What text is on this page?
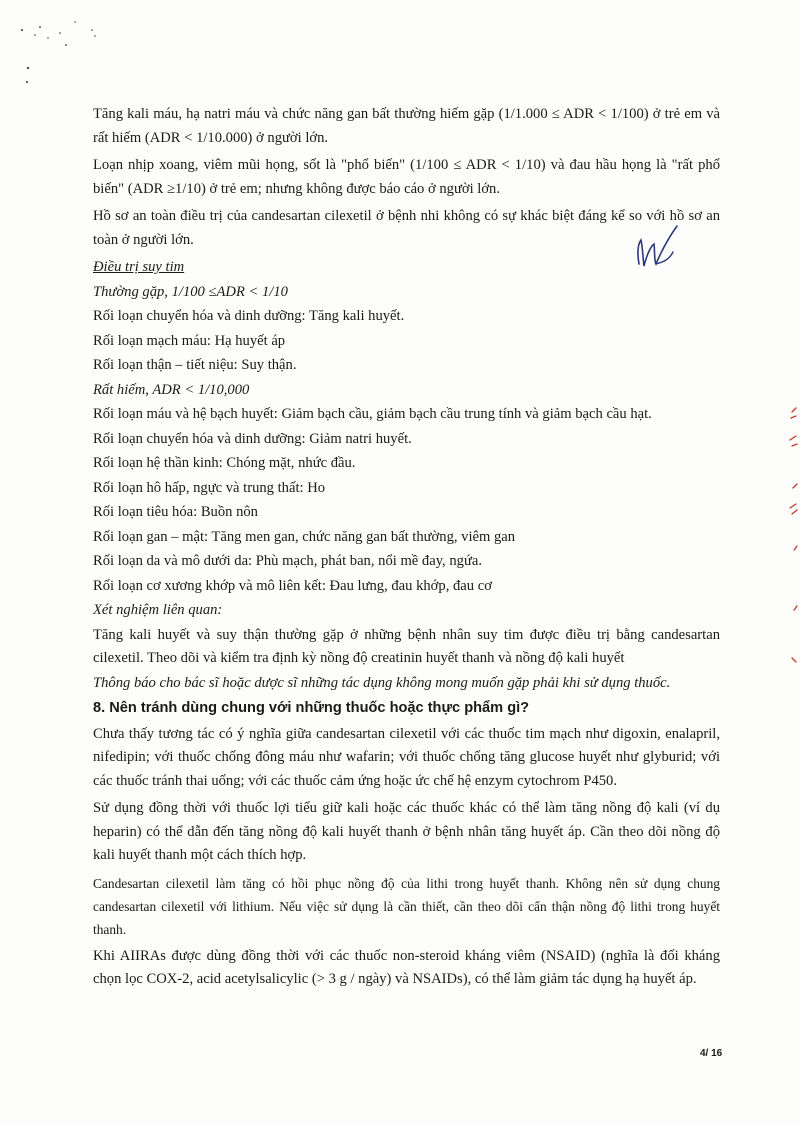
Tăng kali máu, hạ natri máu và chức năng gan bất thường hiếm gặp (1/1.000 ≤ ADR < 1/100) ở trẻ em và rất hiếm (ADR < 1/10.000) ở người lớn.

Loạn nhịp xoang, viêm mũi họng, sốt là "phổ biến" (1/100 ≤ ADR < 1/10) và đau hầu họng là "rất phổ biến" (ADR ≥1/10) ở trẻ em; nhưng không được báo cáo ở người lớn.

Hồ sơ an toàn điều trị của candesartan cilexetil ở bệnh nhi không có sự khác biệt đáng kể so với hồ sơ an toàn ở người lớn.

Điều trị suy tim
Thường gặp, 1/100 ≤ADR < 1/10
Rối loạn chuyển hóa và dinh dưỡng: Tăng kali huyết.
Rối loạn mạch máu: Hạ huyết áp
Rối loạn thận – tiết niệu: Suy thận.
Rất hiếm, ADR < 1/10,000
Rối loạn máu và hệ bạch huyết: Giảm bạch cầu, giảm bạch cầu trung tính và giảm bạch cầu hạt.
Rối loạn chuyển hóa và dinh dưỡng: Giảm natri huyết.
Rối loạn hệ thần kinh: Chóng mặt, nhức đầu.
Rối loạn hô hấp, ngực và trung thất: Ho
Rối loạn tiêu hóa: Buồn nôn
Rối loạn gan – mật: Tăng men gan, chức năng gan bất thường, viêm gan
Rối loạn da và mô dưới da: Phù mạch, phát ban, nổi mề đay, ngứa.
Rối loạn cơ xương khớp và mô liên kết: Đau lưng, đau khớp, đau cơ
Xét nghiệm liên quan:

Tăng kali huyết và suy thận thường gặp ở những bệnh nhân suy tim được điều trị bằng candesartan cilexetil. Theo dõi và kiểm tra định kỳ nồng độ creatinin huyết thanh và nồng độ kali huyết

Thông báo cho bác sĩ hoặc dược sĩ những tác dụng không mong muốn gặp phải khi sử dụng thuốc.

8. Nên tránh dùng chung với những thuốc hoặc thực phẩm gì?

Chưa thấy tương tác có ý nghĩa giữa candesartan cilexetil với các thuốc tim mạch như digoxin, enalapril, nifedipin; với thuốc chống đông máu như wafarin; với thuốc chống tăng glucose huyết như glyburid; với các thuốc tránh thai uống; với các thuốc cảm ứng hoặc ức chế hệ enzym cytochrom P450.

Sử dụng đồng thời với thuốc lợi tiểu giữ kali hoặc các thuốc khác có thể làm tăng nồng độ kali (ví dụ heparin) có thể dẫn đến tăng nồng độ kali huyết thanh ở bệnh nhân tăng huyết áp. Cần theo dõi nồng độ kali huyết thanh một cách thích hợp.

Candesartan cilexetil làm tăng có hồi phục nồng độ của lithi trong huyết thanh. Không nên sử dụng chung candesartan cilexetil với lithium. Nếu việc sử dụng là cần thiết, cần theo dõi cẩn thận nồng độ lithi trong huyết thanh.

Khi AIIRAs được dùng đồng thời với các thuốc non-steroid kháng viêm (NSAID) (nghĩa là đối kháng chọn lọc COX-2, acid acetylsalicylic (> 3 g / ngày) và NSAIDs), có thể làm giảm tác dụng hạ huyết áp.

4/ 16
